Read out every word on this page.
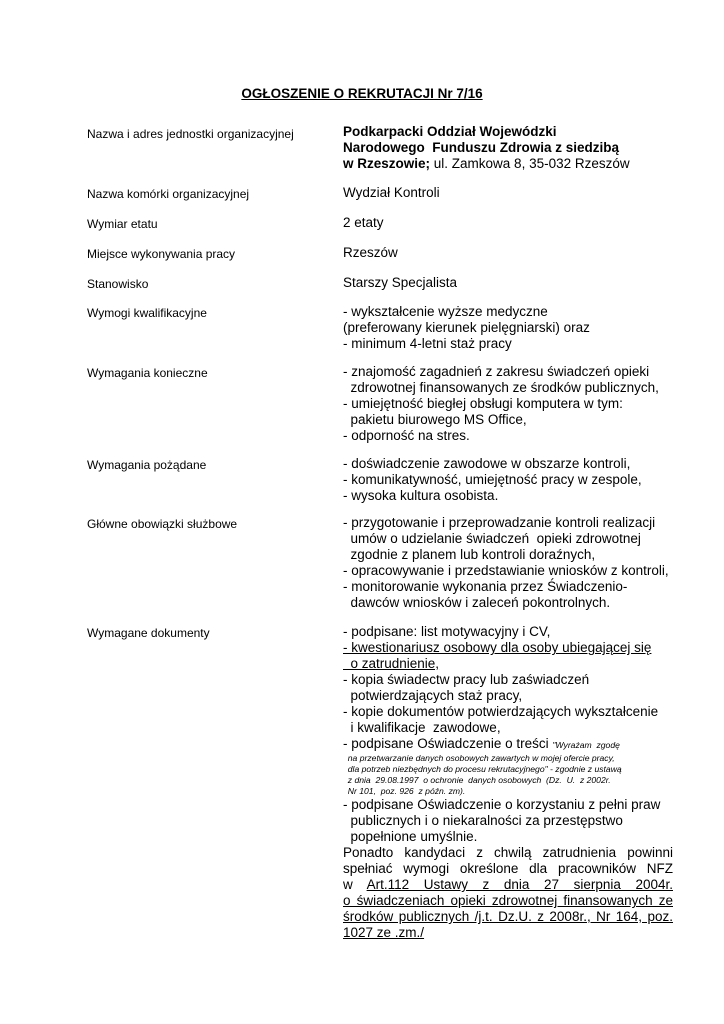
OGŁOSZENIE O REKRUTACJI Nr 7/16
Nazwa i adres jednostki organizacyjnej	Podkarpacki Oddział Wojewódzki
Narodowego  Funduszu Zdrowia z siedzibą
w Rzeszowie; ul. Zamkowa 8, 35-032 Rzeszów
Nazwa komórki organizacyjnej	Wydział Kontroli
Wymiar etatu	2 etaty
Miejsce wykonywania pracy	Rzeszów
Stanowisko	Starszy Specjalista
Wymogi kwalifikacyjne	- wykształcenie wyższe medyczne
(preferowany kierunek pielęgniarski) oraz
- minimum 4-letni staż pracy
Wymagania konieczne	- znajomość zagadnień z zakresu świadczeń opieki
zdrowotnej finansowanych ze środków publicznych,
- umiejętność biegłej obsługi komputera w tym:
pakietu biurowego MS Office,
- odporność na stres.
Wymagania pożądane	- doświadczenie zawodowe w obszarze kontroli,
- komunikatywność, umiejętność pracy w zespole,
- wysoka kultura osobista.
Główne obowiązki służbowe	- przygotowanie i przeprowadzanie kontroli realizacji
umów o udzielanie świadczeń  opieki zdrowotnej
zgodnie z planem lub kontroli doraźnych,
- opracowywanie i przedstawianie wniosków z kontroli,
- monitorowanie wykonania przez Świadczenio-
dawców wniosków i zaleceń pokontrolnych.
Wymagane dokumenty	- podpisane: list motywacyjny i CV,
- kwestionariusz osobowy dla osoby ubiegającej się
o zatrudnienie,
- kopia świadectw pracy lub zaświadczeń
potwierdzających staż pracy,
- kopie dokumentów potwierdzających wykształcenie
i kwalifikacje  zawodowe,
- podpisane Oświadczenie o treści "Wyrażam  zgodę
na przetwarzanie danych osobowych zawartych w mojej ofercie pracy,
dla potrzeb niezbędnych do procesu rekrutacyjnego" - zgodnie z ustawą
z dnia  29.08.1997  o ochronie  danych osobowych  (Dz.  U.  z 2002r.
Nr 101,  poz. 926  z późn. zm).
- podpisane Oświadczenie o korzystaniu z pełni praw
publicznych i o niekaralności za przestępstwo
popełnione umyślnie.
Ponadto kandydaci z chwilą zatrudnienia powinni
spełniać wymogi określone dla pracowników NFZ
w Art.112 Ustawy z dnia 27 sierpnia 2004r.
o świadczeniach opieki zdrowotnej finansowanych ze
środków publicznych /j.t. Dz.U. z 2008r., Nr 164, poz.
1027 ze .zm./
